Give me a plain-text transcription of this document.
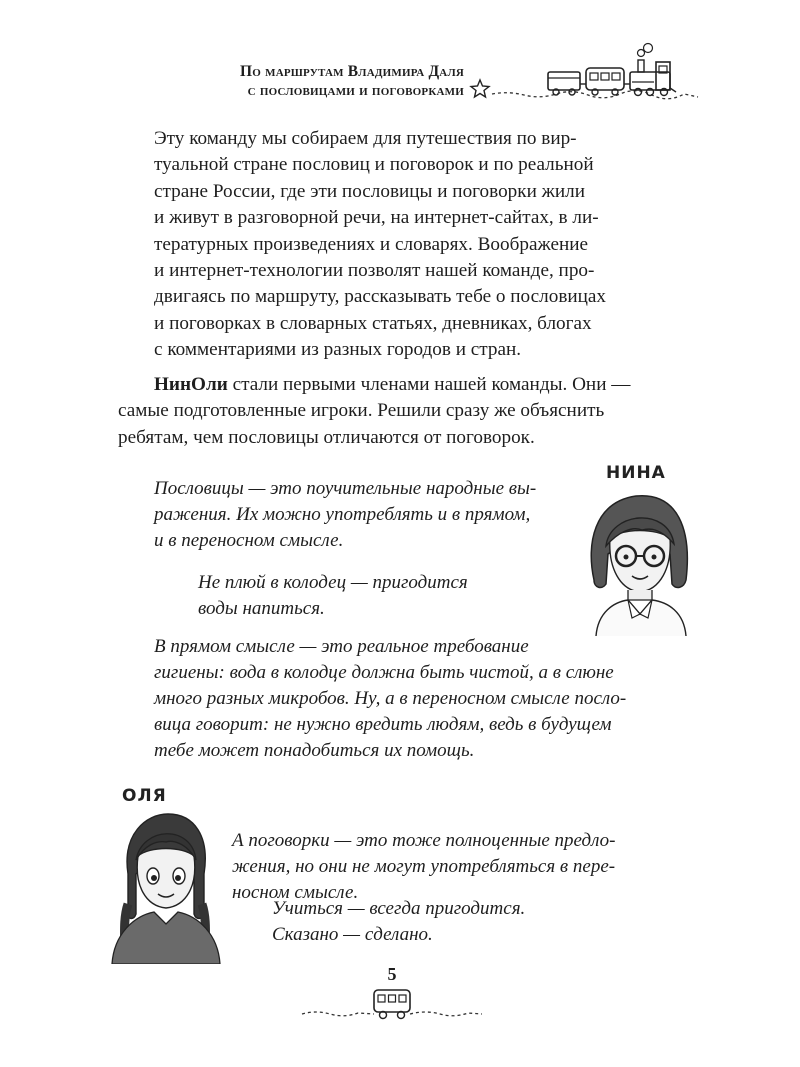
По маршрутам Владимира Даля
с пословицами и поговорками
Эту команду мы собираем для путешествия по вир-
туальной стране пословиц и поговорок и по реальной
стране России, где эти пословицы и поговорки жили
и живут в разговорной речи, на интернет-сайтах, в ли-
тературных произведениях и словарях. Воображение
и интернет-технологии позволят нашей команде, про-
двигаясь по маршруту, рассказывать тебе о пословицах
и поговорках в словарных статьях, дневниках, блогах
с комментариями из разных городов и стран.
НинОли стали первыми членами нашей команды. Они —
самые подготовленные игроки. Решили сразу же объяснить
ребятам, чем пословицы отличаются от поговорок.
НИНА
Пословицы — это поучительные народные вы-
ражения. Их можно употреблять и в прямом,
и в переносном смысле.
Не плюй в колодец — пригодится
воды напиться.
В прямом смысле — это реальное требование
гигиены: вода в колодце должна быть чистой, а в слюне
много разных микробов. Ну, а в переносном смысле посло-
вица говорит: не нужно вредить людям, ведь в будущем
тебе может понадобиться их помощь.
ОЛЯ
А поговорки — это тоже полноценные предло-
жения, но они не могут употребляться в пере-
носном смысле.
Учиться — всегда пригодится.
Сказано — сделано.
5
